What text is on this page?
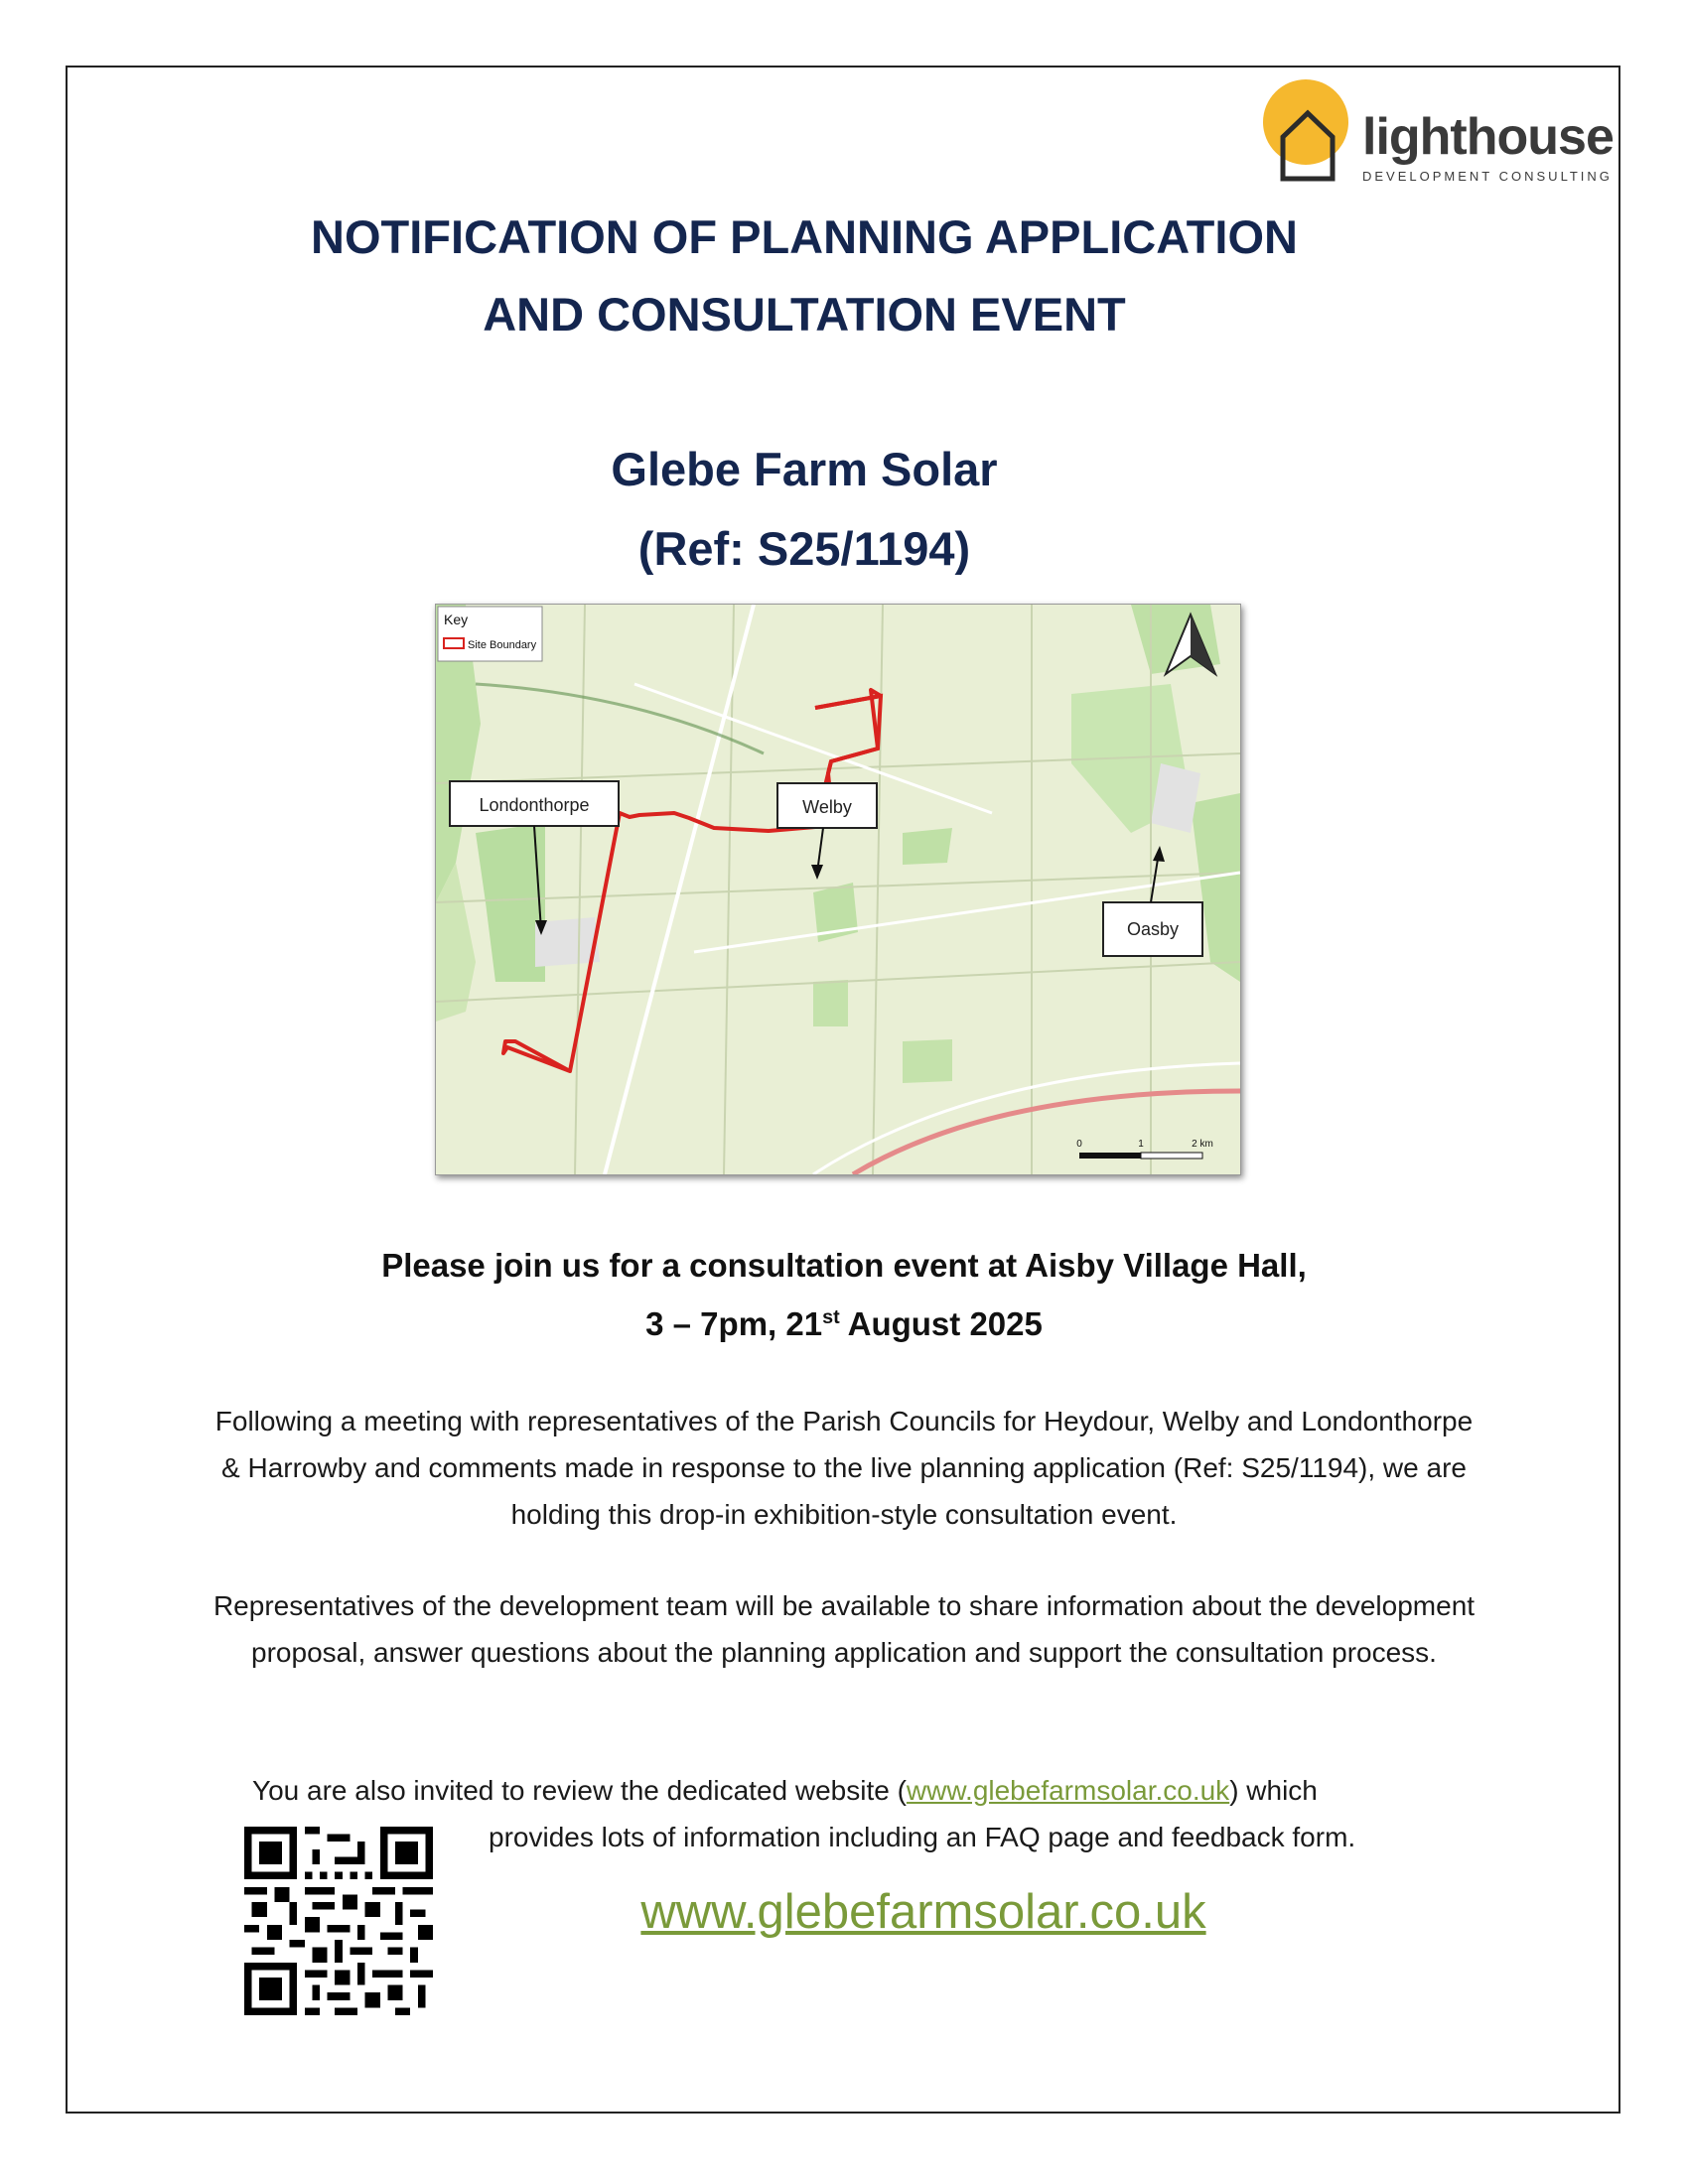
lighthouse
DEVELOPMENT CONSULTING
NOTIFICATION OF PLANNING APPLICATION
AND CONSULTATION EVENT
Glebe Farm Solar
(Ref: S25/1194)
Key
Site Boundary
Londonthorpe	Welby
Oasby
0	1	2 km
Please join us for a consultation event at Aisby Village Hall,
3 – 7pm, 21st August 2025
Following a meeting with representatives of the Parish Councils for Heydour, Welby and Londonthorpe & Harrowby and comments made in response to the live planning application (Ref: S25/1194), we are holding this drop-in exhibition-style consultation event.
Representatives of the development team will be available to share information about the development proposal, answer questions about the planning application and support the consultation process.
You are also invited to review the dedicated website (www.glebefarmsolar.co.uk) which
provides lots of information including an FAQ page and feedback form.
www.glebefarmsolar.co.uk
